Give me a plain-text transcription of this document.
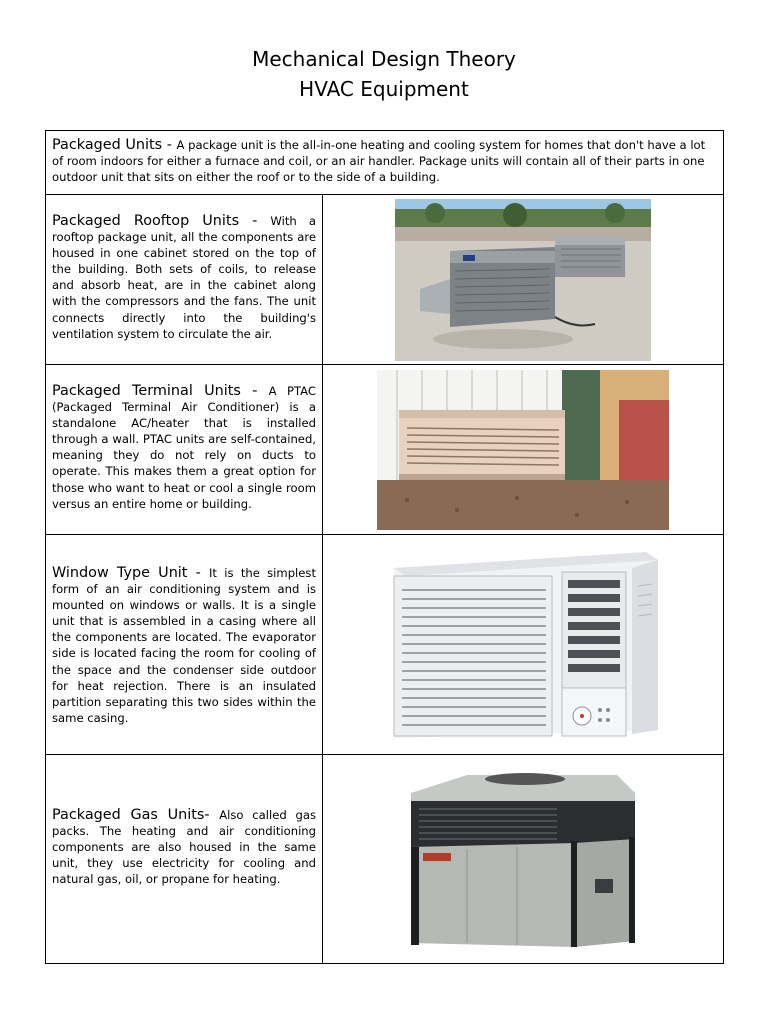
Mechanical Design Theory
HVAC Equipment

Packaged Units - A package unit is the all-in-one heating and cooling system for homes that don't have a lot of room indoors for either a furnace and coil, or an air handler. Package units will contain all of their parts in one outdoor unit that sits on either the roof or to the side of a building.

Packaged Rooftop Units - With a rooftop package unit, all the components are housed in one cabinet stored on the top of the building. Both sets of coils, to release and absorb heat, are in the cabinet along with the compressors and the fans. The unit connects directly into the building's ventilation system to circulate the air.

Packaged Terminal Units - A PTAC (Packaged Terminal Air Conditioner) is a standalone AC/heater that is installed through a wall. PTAC units are self-contained, meaning they do not rely on ducts to operate. This makes them a great option for those who want to heat or cool a single room versus an entire home or building.

Window Type Unit - It is the simplest form of an air conditioning system and is mounted on windows or walls. It is a single unit that is assembled in a casing where all the components are located. The evaporator side is located facing the room for cooling of the space and the condenser side outdoor for heat rejection. There is an insulated partition separating this two sides within the same casing.

Packaged Gas Units- Also called gas packs. The heating and air conditioning components are also housed in the same unit, they use electricity for cooling and natural gas, oil, or propane for heating.
